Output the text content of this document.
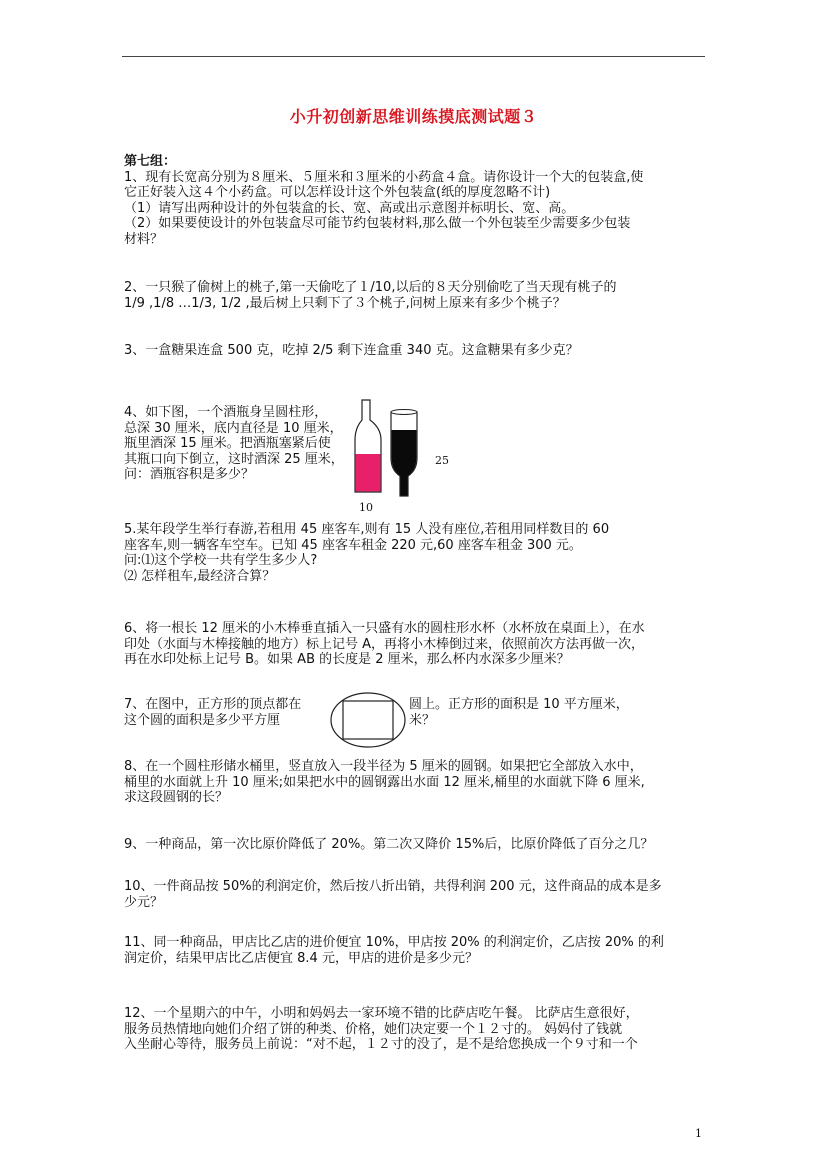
小升初创新思维训练摸底测试题３
第七组：
1、现有长宽高分别为８厘米、５厘米和３厘米的小药盒４盒。请你设计一个大的包装盒,使
它正好装入这４个小药盒。可以怎样设计这个外包装盒(纸的厚度忽略不计)
（1）请写出两种设计的外包装盒的长、宽、高或出示意图并标明长、宽、高。
（2）如果要使设计的外包装盒尽可能节约包装材料,那么做一个外包装至少需要多少包装
材料？
2、一只猴了偷树上的桃子,第一天偷吃了１/10,以后的８天分别偷吃了当天现有桃子的
1/9 ,1/8 …1/3, 1/2 ,最后树上只剩下了３个桃子,问树上原来有多少个桃子？
3、一盒糖果连盒 500 克，吃掉 2/5 剩下连盒重 340 克。这盒糖果有多少克？
4、如下图，一个酒瓶身呈圆柱形，
总深 30 厘米，底内直径是 10 厘米，
瓶里酒深 15 厘米。把酒瓶塞紧后使
其瓶口向下倒立，这时酒深 25 厘米，
问：酒瓶容积是多少？
10
25
5.某年段学生举行春游,若租用 45 座客车,则有 15 人没有座位,若租用同样数目的 60
座客车,则一辆客车空车。已知 45 座客车租金 220 元,60 座客车租金 300 元。
问:⑴这个学校一共有学生多少人?
⑵ 怎样租车,最经济合算？
6、将一根长 12 厘米的小木棒垂直插入一只盛有水的圆柱形水杯（水杯放在桌面上），在水
印处（水面与木棒接触的地方）标上记号 A，再将小木棒倒过来，依照前次方法再做一次，
再在水印处标上记号 B。如果 AB 的长度是 2 厘米，那么杯内水深多少厘米？
7、在图中，正方形的顶点都在
这个圆的面积是多少平方厘
圆上。正方形的面积是 10 平方厘米，
米？
8、在一个圆柱形储水桶里，竖直放入一段半径为 5 厘米的圆钢。如果把它全部放入水中，
桶里的水面就上升 10 厘米;如果把水中的圆钢露出水面 12 厘米,桶里的水面就下降 6 厘米,
求这段圆钢的长？
9、一种商品，第一次比原价降低了 20%。第二次又降价 15%后，比原价降低了百分之几？
10、一件商品按 50%的利润定价，然后按八折出销，共得利润 200 元，这件商品的成本是多
少元？
11、同一种商品，甲店比乙店的进价便宜 10%，甲店按 20% 的利润定价，乙店按 20% 的利
润定价，结果甲店比乙店便宜 8.4 元，甲店的进价是多少元？
12、一个星期六的中午，小明和妈妈去一家环境不错的比萨店吃午餐。 比萨店生意很好，
服务员热情地向她们介绍了饼的种类、价格，她们决定要一个１２寸的。 妈妈付了钱就
入坐耐心等待，服务员上前说：“对不起，１２寸的没了，是不是给您换成一个９寸和一个
1
